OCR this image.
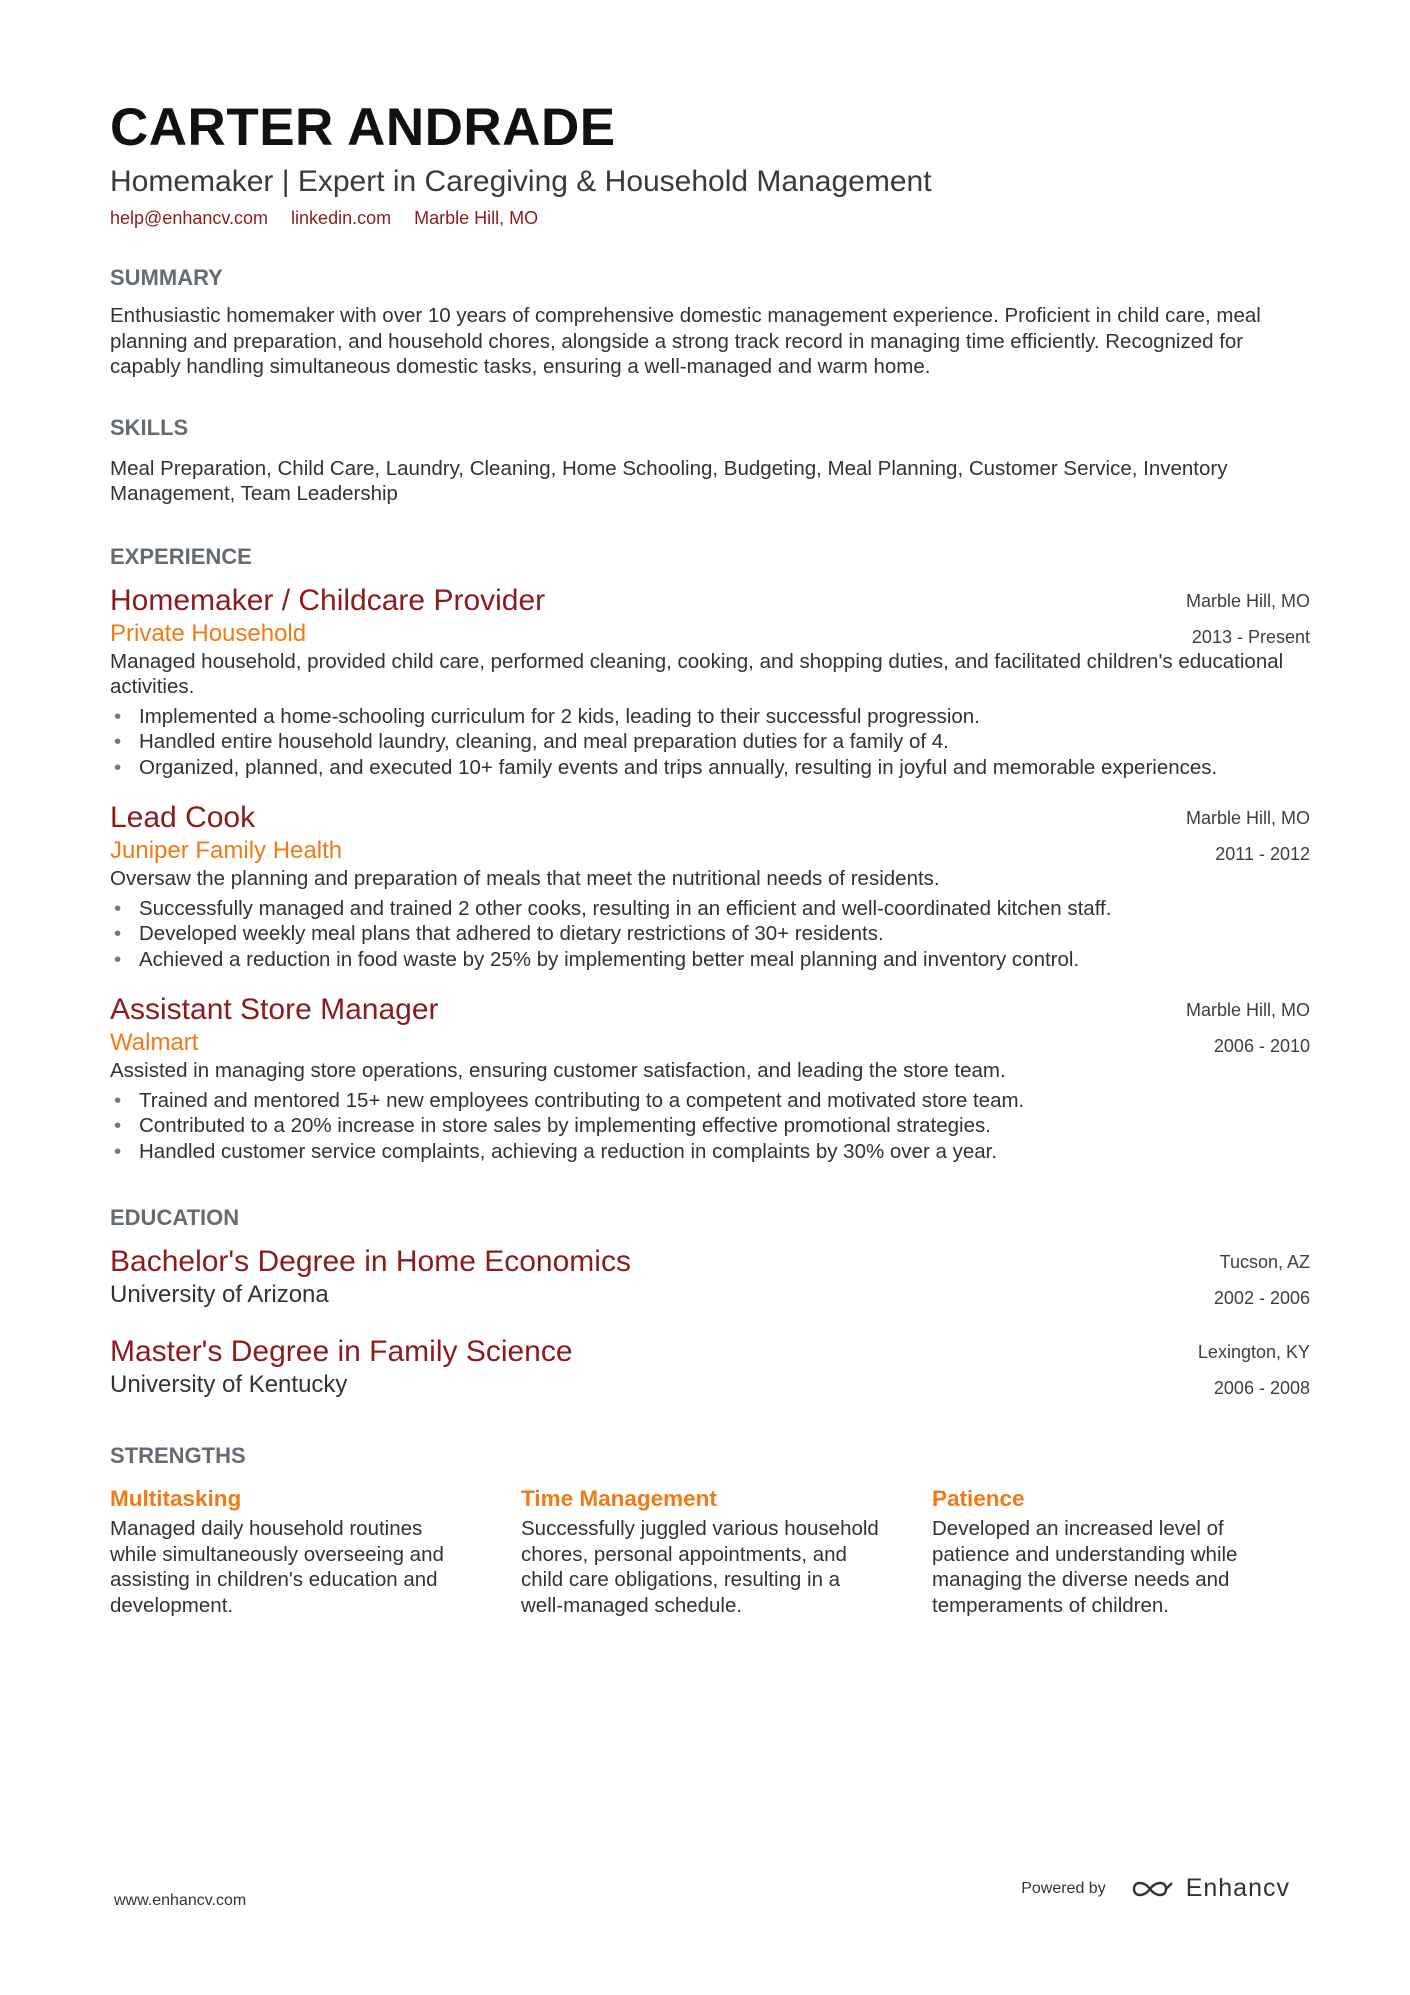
CARTER ANDRADE
Homemaker | Expert in Caregiving & Household Management
help@enhancv.com linkedin.com Marble Hill, MO
SUMMARY
Enthusiastic homemaker with over 10 years of comprehensive domestic management experience. Proficient in child care, meal planning and preparation, and household chores, alongside a strong track record in managing time efficiently. Recognized for capably handling simultaneous domestic tasks, ensuring a well-managed and warm home.
SKILLS
Meal Preparation, Child Care, Laundry, Cleaning, Home Schooling, Budgeting, Meal Planning, Customer Service, Inventory Management, Team Leadership
EXPERIENCE
Marble Hill, MO
2013 - Present
Homemaker / Childcare Provider
Private Household
Managed household, provided child care, performed cleaning, cooking, and shopping duties, and facilitated children's educational activities.
• Implemented a home-schooling curriculum for 2 kids, leading to their successful progression.
• Handled entire household laundry, cleaning, and meal preparation duties for a family of 4.
• Organized, planned, and executed 10+ family events and trips annually, resulting in joyful and memorable experiences.
Marble Hill, MO
2011 - 2012
Lead Cook
Juniper Family Health
Oversaw the planning and preparation of meals that meet the nutritional needs of residents.
• Successfully managed and trained 2 other cooks, resulting in an efficient and well-coordinated kitchen staff.
• Developed weekly meal plans that adhered to dietary restrictions of 30+ residents.
• Achieved a reduction in food waste by 25% by implementing better meal planning and inventory control.
Marble Hill, MO
2006 - 2010
Assistant Store Manager
Walmart
Assisted in managing store operations, ensuring customer satisfaction, and leading the store team.
• Trained and mentored 15+ new employees contributing to a competent and motivated store team.
• Contributed to a 20% increase in store sales by implementing effective promotional strategies.
• Handled customer service complaints, achieving a reduction in complaints by 30% over a year.
EDUCATION
Tucson, AZ
2002 - 2006
Bachelor's Degree in Home Economics
University of Arizona
Lexington, KY
2006 - 2008
Master's Degree in Family Science
University of Kentucky
STRENGTHS
Multitasking
Managed daily household routines while simultaneously overseeing and assisting in children's education and development.
Time Management
Successfully juggled various household chores, personal appointments, and child care obligations, resulting in a well-managed schedule.
Patience
Developed an increased level of patience and understanding while managing the diverse needs and temperaments of children.
www.enhancv.com
Powered by	Enhancv
